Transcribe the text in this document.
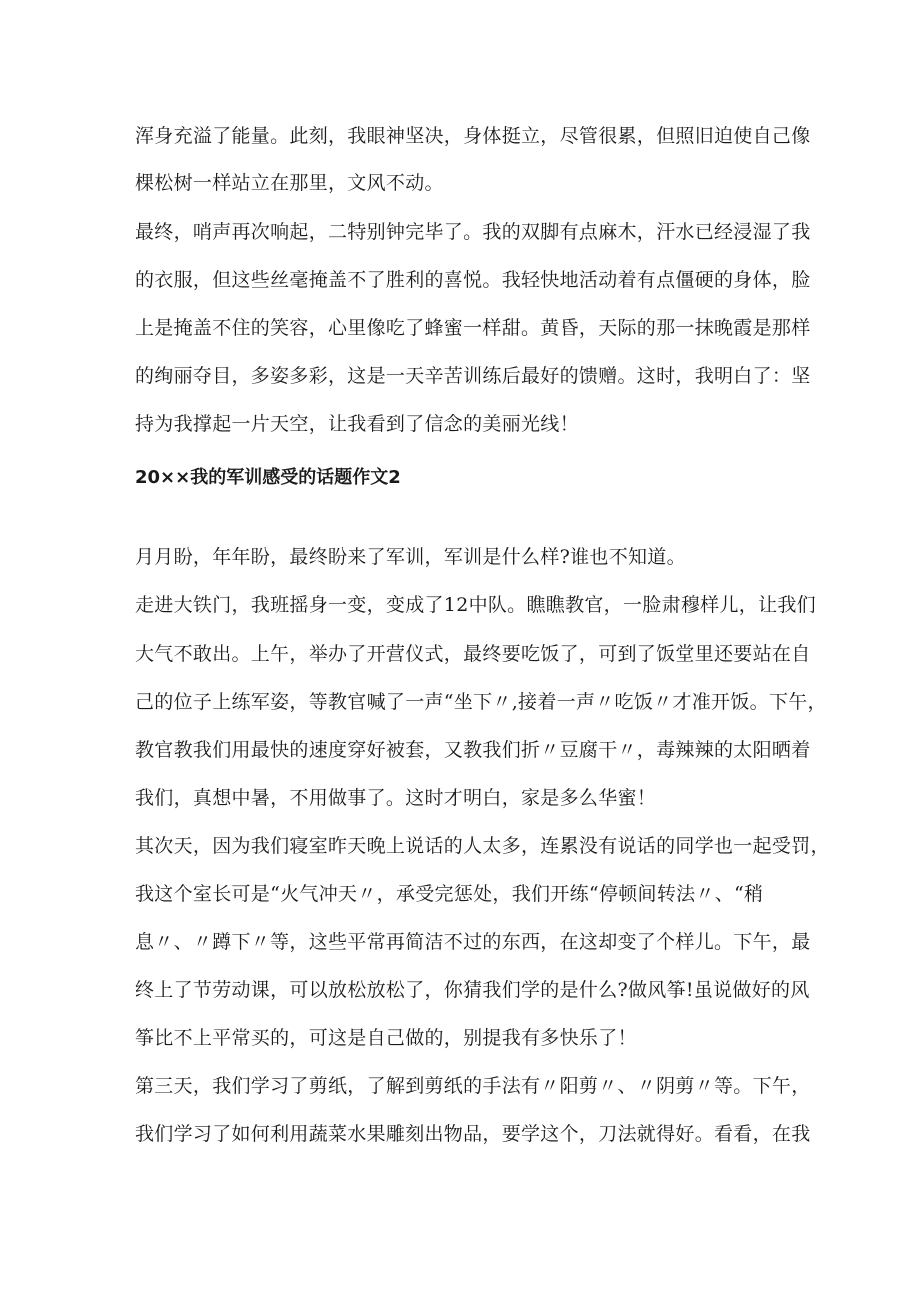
浑身充溢了能量。此刻，我眼神坚决，身体挺立，尽管很累，但照旧迫使自己像
棵松树一样站立在那里，文风不动。
最终，哨声再次响起，二特别钟完毕了。我的双脚有点麻木，汗水已经浸湿了我
的衣服，但这些丝毫掩盖不了胜利的喜悦。我轻快地活动着有点僵硬的身体，脸
上是掩盖不住的笑容，心里像吃了蜂蜜一样甜。黄昏，天际的那一抹晚霞是那样
的绚丽夺目，多姿多彩，这是一天辛苦训练后最好的馈赠。这时，我明白了：坚
持为我撑起一片天空，让我看到了信念的美丽光线！
20××我的军训感受的话题作文2
月月盼，年年盼，最终盼来了军训，军训是什么样?谁也不知道。
走进大铁门，我班摇身一变，变成了12中队。瞧瞧教官，一脸肃穆样儿，让我们
大气不敢出。上午，举办了开营仪式，最终要吃饭了，可到了饭堂里还要站在自
己的位子上练军姿，等教官喊了一声“坐下〃,接着一声〃吃饭〃才准开饭。下午，
教官教我们用最快的速度穿好被套，又教我们折〃豆腐干〃，毒辣辣的太阳晒着
我们，真想中暑，不用做事了。这时才明白，家是多么华蜜！
其次天，因为我们寝室昨天晚上说话的人太多，连累没有说话的同学也一起受罚，
我这个室长可是“火气冲天〃，承受完惩处，我们开练“停顿间转法〃、“稍
息〃、〃蹲下〃等，这些平常再简洁不过的东西，在这却变了个样儿。下午，最
终上了节劳动课，可以放松放松了，你猜我们学的是什么?做风筝!虽说做好的风
筝比不上平常买的，可这是自己做的，别提我有多快乐了！
第三天，我们学习了剪纸，了解到剪纸的手法有〃阳剪〃、〃阴剪〃等。下午，
我们学习了如何利用蔬菜水果雕刻出物品，要学这个，刀法就得好。看看，在我
